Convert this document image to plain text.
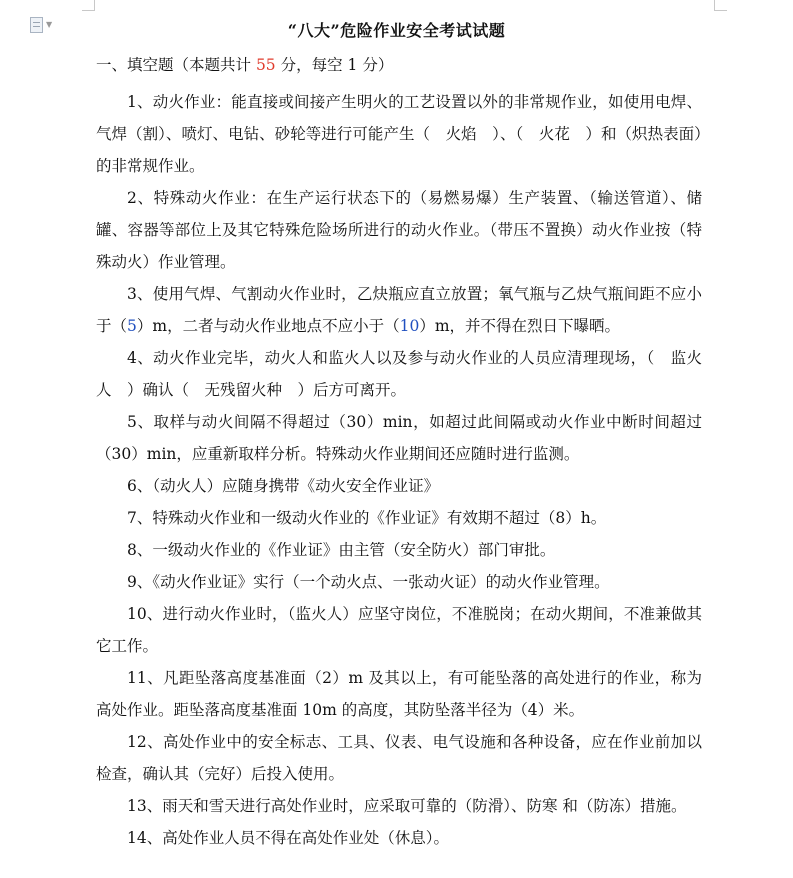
▼	“八大”危险作业安全考试试题
一、填空题（本题共计 55 分，每空 1 分）

1、动火作业：能直接或间接产生明火的工艺设置以外的非常规作业，如使用电焊、气焊（割）、喷灯、电钻、砂轮等进行可能产生（　火焰　）、（　火花　）和（炽热表面）的非常规作业。

2、特殊动火作业：在生产运行状态下的（易燃易爆）生产装置、（输送管道）、储罐、容器等部位上及其它特殊危险场所进行的动火作业。（带压不置换）动火作业按（特殊动火）作业管理。

3、使用气焊、气割动火作业时，乙炔瓶应直立放置；氧气瓶与乙炔气瓶间距不应小于（5）m，二者与动火作业地点不应小于（10）m，并不得在烈日下曝晒。

4、动火作业完毕，动火人和监火人以及参与动火作业的人员应清理现场，（　监火人　）确认（　无残留火种　）后方可离开。

5、取样与动火间隔不得超过（30）min，如超过此间隔或动火作业中断时间超过（30）min，应重新取样分析。特殊动火作业期间还应随时进行监测。

6、（动火人）应随身携带《动火安全作业证》

7、特殊动火作业和一级动火作业的《作业证》有效期不超过（8）h。

8、一级动火作业的《作业证》由主管（安全防火）部门审批。

9、《动火作业证》实行（一个动火点、一张动火证）的动火作业管理。

10、进行动火作业时，（监火人）应坚守岗位，不准脱岗；在动火期间，不准兼做其它工作。

11、凡距坠落高度基准面（2）m 及其以上，有可能坠落的高处进行的作业，称为高处作业。距坠落高度基准面 10m 的高度，其防坠落半径为（4）米。

12、高处作业中的安全标志、工具、仪表、电气设施和各种设备，应在作业前加以检查，确认其（完好）后投入使用。

13、雨天和雪天进行高处作业时，应采取可靠的（防滑）、防寒 和（防冻）措施。

14、高处作业人员不得在高处作业处（休息）。
